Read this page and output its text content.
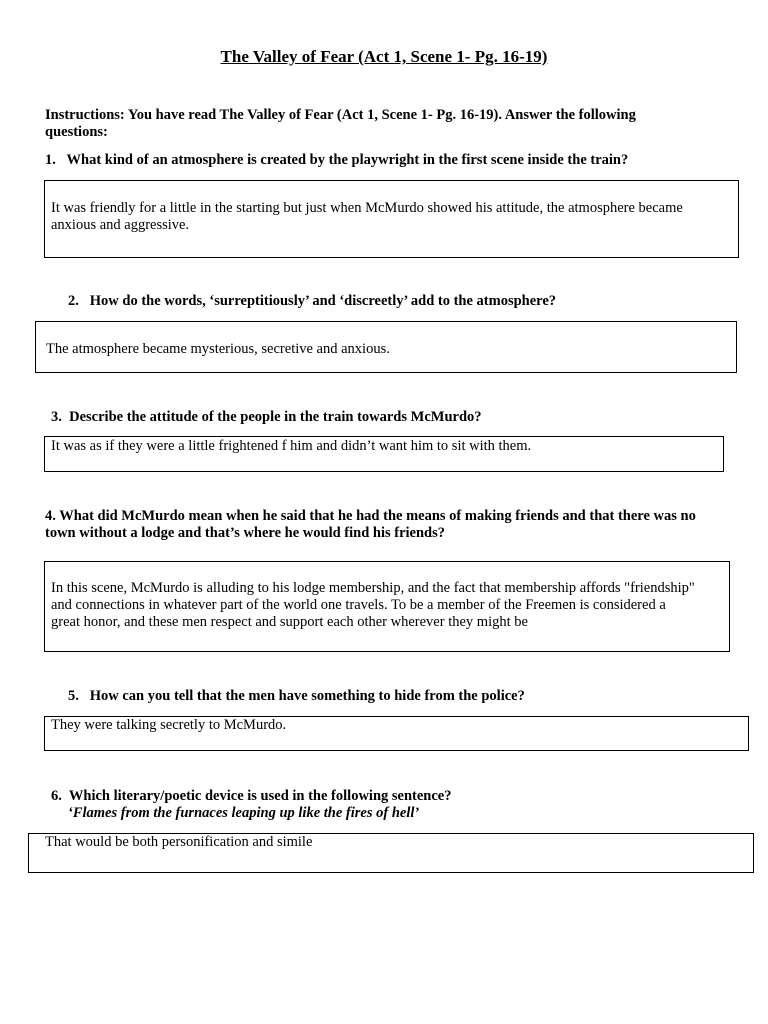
The Valley of Fear (Act 1, Scene 1- Pg. 16-19)
Instructions: You have read The Valley of Fear (Act 1, Scene 1- Pg. 16-19). Answer the following
questions:
1. What kind of an atmosphere is created by the playwright in the first scene inside the train?
It was friendly for a little in the starting but just when McMurdo showed his attitude, the atmosphere became
anxious and aggressive.
2. How do the words, ‘surreptitiously’ and ‘discreetly’ add to the atmosphere?
The atmosphere became mysterious, secretive and anxious.
3. Describe the attitude of the people in the train towards McMurdo?
It was as if they were a little frightened f him and didn’t want him to sit with them.
4. What did McMurdo mean when he said that he had the means of making friends and that there was no
town without a lodge and that’s where he would find his friends?
In this scene, McMurdo is alluding to his lodge membership, and the fact that membership affords "friendship"
and connections in whatever part of the world one travels. To be a member of the Freemen is considered a
great honor, and these men respect and support each other wherever they might be
5. How can you tell that the men have something to hide from the police?
They were talking secretly to McMurdo.
6. Which literary/poetic device is used in the following sentence?
‘Flames from the furnaces leaping up like the fires of hell’
That would be both personification and simile
